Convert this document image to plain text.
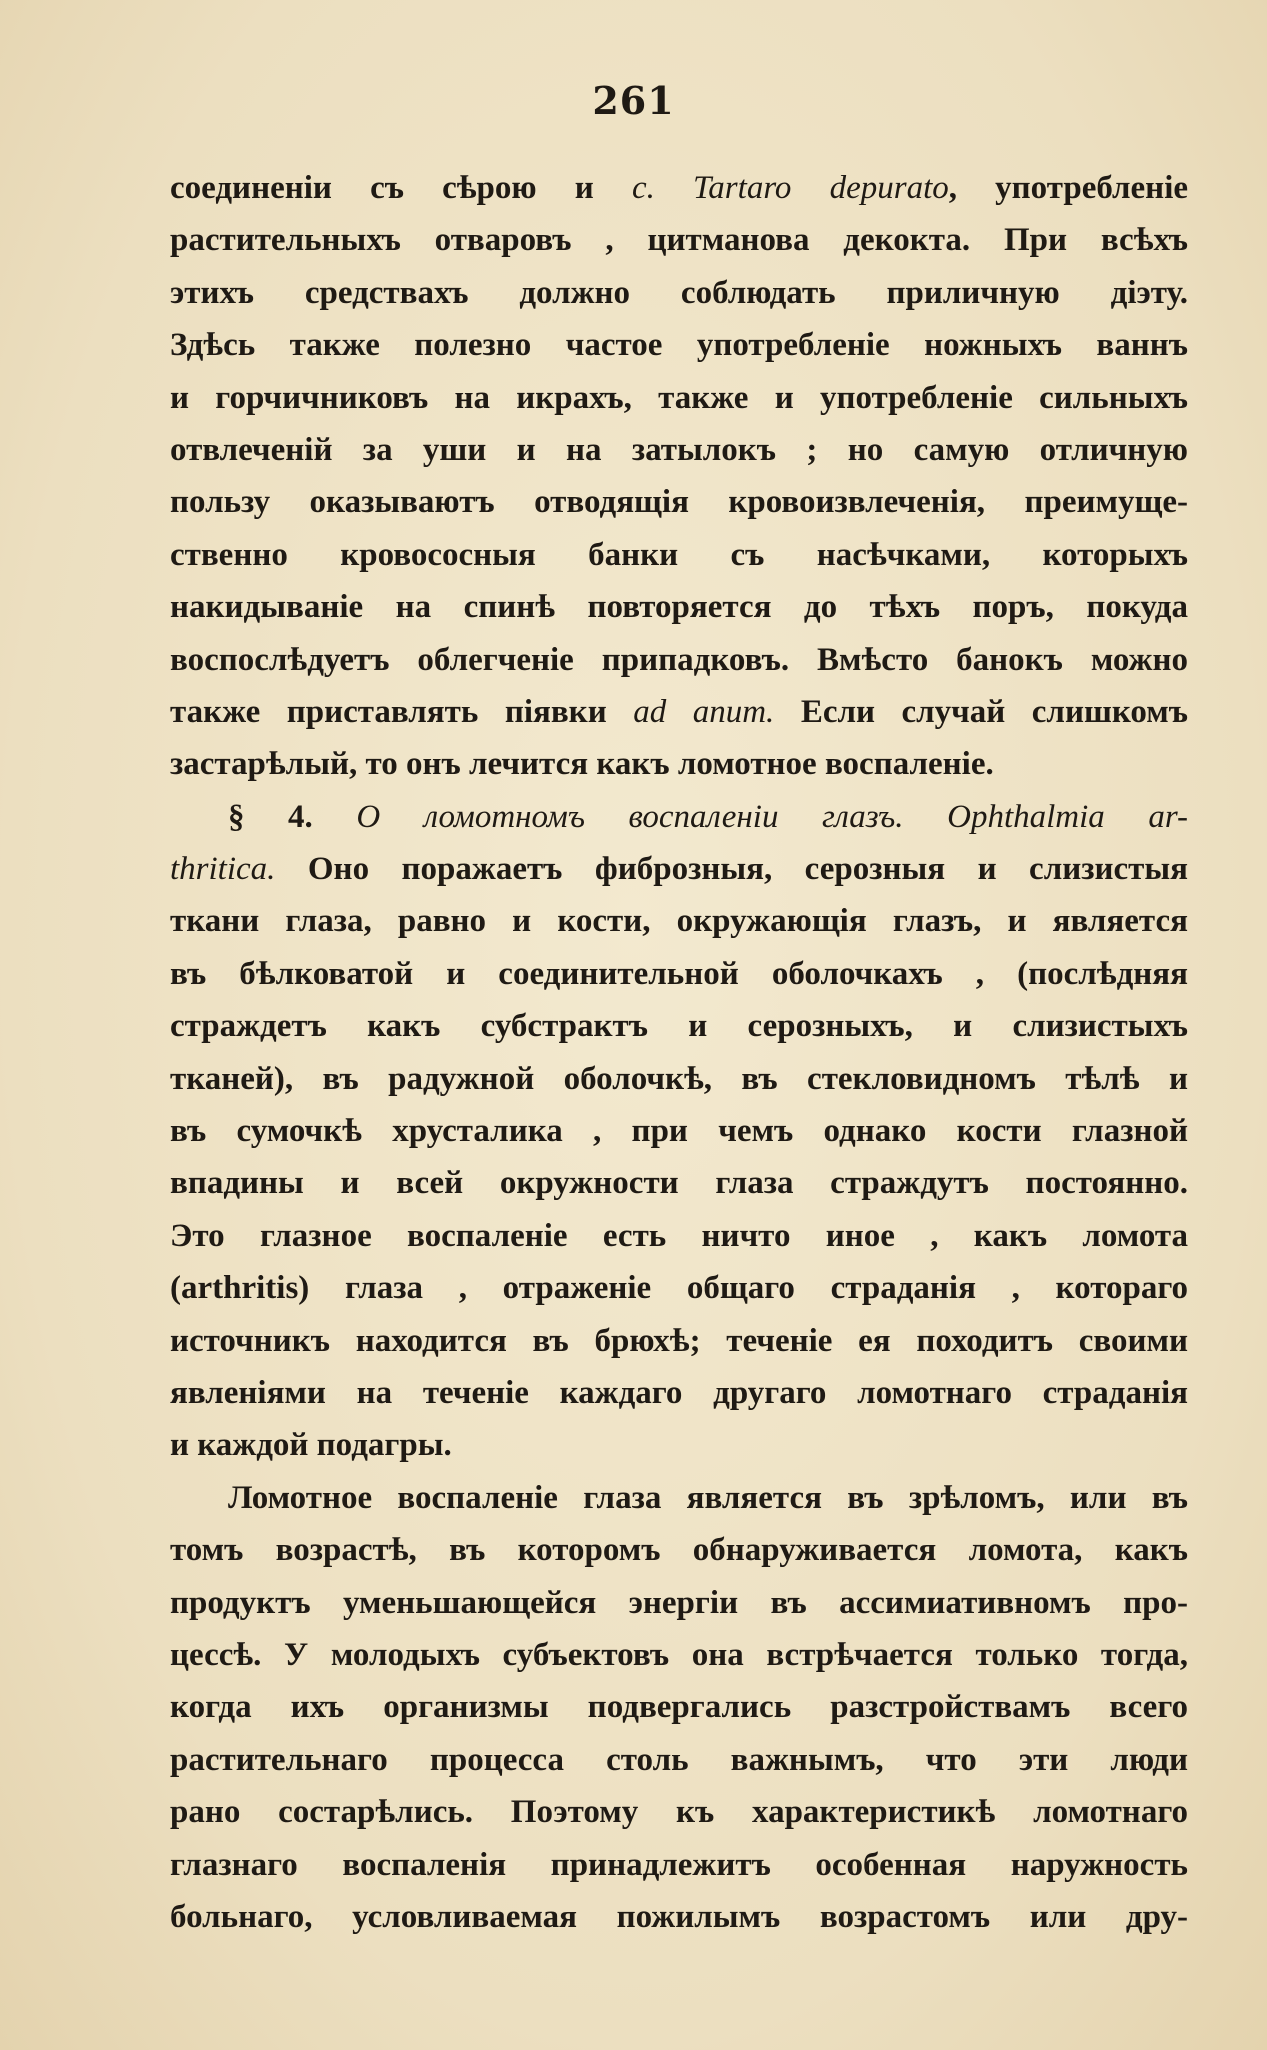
261
соединенiи съ сѣрою и с. Tartaro depurato, употребленiе
растительныхъ отваровъ , цитманова декокта. При всѣхъ
этихъ средствахъ должно соблюдать приличную дiэту.
Здѣсь также полезно частое употребленiе ножныхъ ваннъ
и горчичниковъ на икрахъ, также и употребленiе сильныхъ
отвлеченiй за уши и на затылокъ ; но самую отличную
пользу оказываютъ отводящiя кровоизвлеченiя, преимуще-
ственно кровососныя банки съ насѣчками, которыхъ
накидыванiе на спинѣ повторяется до тѣхъ поръ, покуда
воспослѣдуетъ облегченiе припадковъ. Вмѣсто банокъ можно
также приставлять пiявки ad anum. Если случай слишкомъ
застарѣлый, то онъ лечится какъ ломотное воспаленiе.
§ 4. О ломотномъ воспаленiи глазъ. Ophthalmia ar-
thritica. Оно поражаетъ фиброзныя, серозныя и слизистыя
ткани глаза, равно и кости, окружающiя глазъ, и является
въ бѣлковатой и соединительной оболочкахъ , (послѣдняя
страждетъ какъ субстрактъ и серозныхъ, и слизистыхъ
тканей), въ радужной оболочкѣ, въ стекловидномъ тѣлѣ и
въ сумочкѣ хрусталика , при чемъ однако кости глазной
впадины и всей окружности глаза страждутъ постоянно.
Это глазное воспаленiе есть ничто иное , какъ ломота
(arthritis) глаза , отраженiе общаго страданiя , котораго
источникъ находится въ брюхѣ; теченiе ея походитъ своими
явленiями на теченiе каждаго другаго ломотнаго страданiя
и каждой подагры.
Ломотное воспаленiе глаза является въ зрѣломъ, или въ
томъ возрастѣ, въ которомъ обнаруживается ломота, какъ
продуктъ уменьшающейся энергiи въ ассимиативномъ про-
цессѣ. У молодыхъ субъектовъ она встрѣчается только тогда,
когда ихъ организмы подвергались разстройствамъ всего
растительнаго процесса столь важнымъ, что эти люди
рано состарѣлись. Поэтому къ характеристикѣ ломотнаго
глазнаго воспаленiя принадлежитъ особенная наружность
больнаго, условливаемая пожилымъ возрастомъ или дру-
